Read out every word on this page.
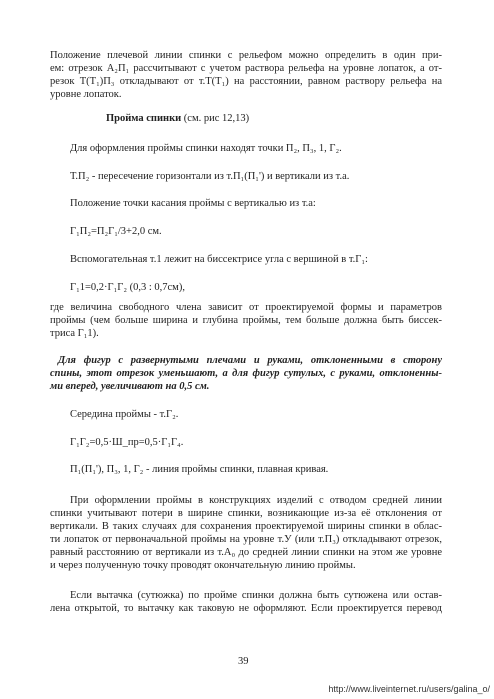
Положение плечевой линии спинки с рельефом можно определить в один при-
ем: отрезок А₂П₁ рассчитывают с учетом раствора рельефа на уровне лопаток, а от-
резок Т(Т₁)П₃ откладывают от т.Т(Т₁) на расстоянии, равном раствору рельефа на
уровне лопаток.
Пройма спинки (см. рис 12,13)
Для оформления проймы спинки находят точки П₂, П₃, 1, Г₂.
Т.П₂ - пересечение горизонтали из т.П₁(П₁') и вертикали из т.а.
Положение точки касания проймы с вертикалью из т.а:
Г₁П₂=П₂Г₁/3+2,0 см.
Вспомогательная т.1 лежит на биссектрисе угла с вершиной в т.Г₁:
Г₁1=0,2·Г₁Г₂ (0,3 : 0,7см),
где величина свободного члена зависит от проектируемой формы и параметров
проймы (чем больше ширина и глубина проймы, тем больше должна быть биссек-
триса Г₁1).
Для фигур с развернутыми плечами и руками, отклоненными в сторону
спины, этот отрезок уменьшают, а для фигур сутулых, с руками, отклоненны-
ми вперед, увеличивают на 0,5 см.
Середина проймы - т.Г₂.
Г₁Г₂=0,5·Ш_пр=0,5·Г₁Г₄.
П₁(П₁'), П₃, 1, Г₂ - линия проймы спинки, плавная кривая.
При оформлении проймы в конструкциях изделий с отводом средней линии
спинки учитывают потери в ширине спинки, возникающие из-за её отклонения от
вертикали. В таких случаях для сохранения проектируемой ширины спинки в облас-
ти лопаток от первоначальной проймы на уровне т.У (или т.П₃) откладывают отрезок,
равный расстоянию от вертикали из т.А₀ до средней линии спинки на этом же уровне
и через полученную точку проводят окончательную линию проймы.
Если вытачка (сутюжка) по пройме спинки должна быть сутюжена или остав-
лена открытой, то вытачку как таковую не оформляют. Если проектируется перевод
39
http://www.liveinternet.ru/users/galina_o/
